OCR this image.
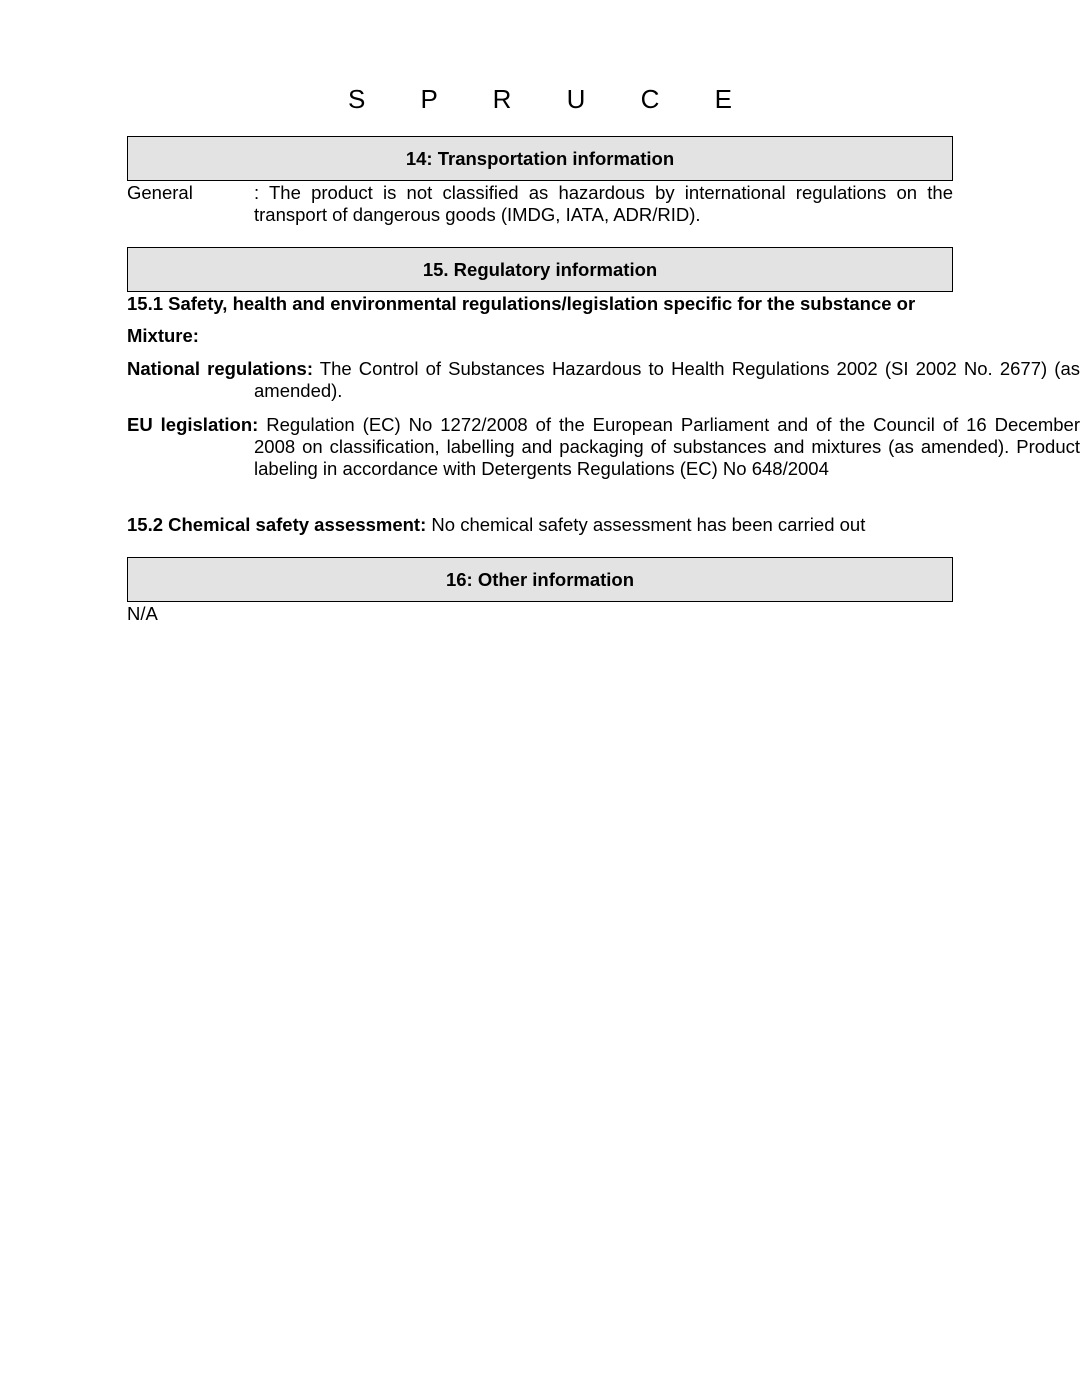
S P R U C E
14: Transportation information
General	: The product is not classified as hazardous by international regulations on the transport of dangerous goods (IMDG, IATA, ADR/RID).
15. Regulatory information
15.1 Safety, health and environmental regulations/legislation specific for the substance or
Mixture:
National regulations: The Control of Substances Hazardous to Health Regulations 2002 (SI 2002 No. 2677) (as amended).
EU legislation: Regulation (EC) No 1272/2008 of the European Parliament and of the Council of 16 December 2008 on classification, labelling and packaging of substances and mixtures (as amended). Product labeling in accordance with Detergents Regulations (EC) No 648/2004
15.2 Chemical safety assessment: No chemical safety assessment has been carried out
16: Other information
N/A
